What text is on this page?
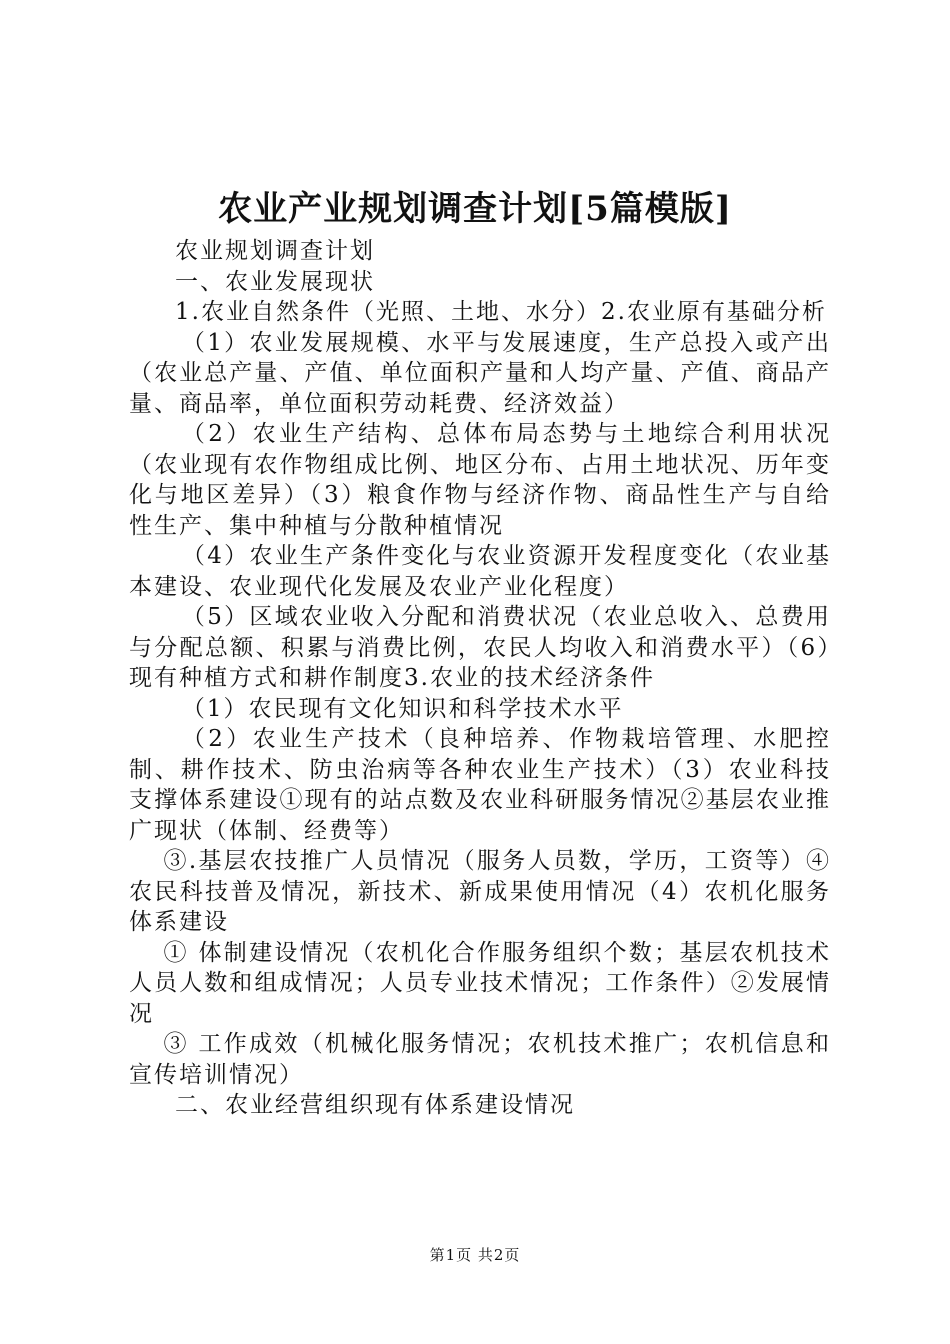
农业产业规划调查计划[5篇模版]

农业规划调查计划

一、农业发展现状

1.农业自然条件（光照、土地、水分）2.农业原有基础分析

（1）农业发展规模、水平与发展速度，生产总投入或产出（农业总产量、产值、单位面积产量和人均产量、产值、商品产量、商品率，单位面积劳动耗费、经济效益）

（2）农业生产结构、总体布局态势与土地综合利用状况（农业现有农作物组成比例、地区分布、占用土地状况、历年变化与地区差异）（3）粮食作物与经济作物、商品性生产与自给性生产、集中种植与分散种植情况

（4）农业生产条件变化与农业资源开发程度变化（农业基本建设、农业现代化发展及农业产业化程度）

（5）区域农业收入分配和消费状况（农业总收入、总费用与分配总额、积累与消费比例，农民人均收入和消费水平）（6）现有种植方式和耕作制度3.农业的技术经济条件

（1）农民现有文化知识和科学技术水平

（2）农业生产技术（良种培养、作物栽培管理、水肥控制、耕作技术、防虫治病等各种农业生产技术）（3）农业科技支撑体系建设①现有的站点数及农业科研服务情况②基层农业推广现状（体制、经费等）

③.基层农技推广人员情况（服务人员数，学历，工资等）④农民科技普及情况，新技术、新成果使用情况（4）农机化服务体系建设

① 体制建设情况（农机化合作服务组织个数；基层农机技术人员人数和组成情况；人员专业技术情况；工作条件）②发展情况

③ 工作成效（机械化服务情况；农机技术推广；农机信息和宣传培训情况）

二、农业经营组织现有体系建设情况

第1页 共2页
